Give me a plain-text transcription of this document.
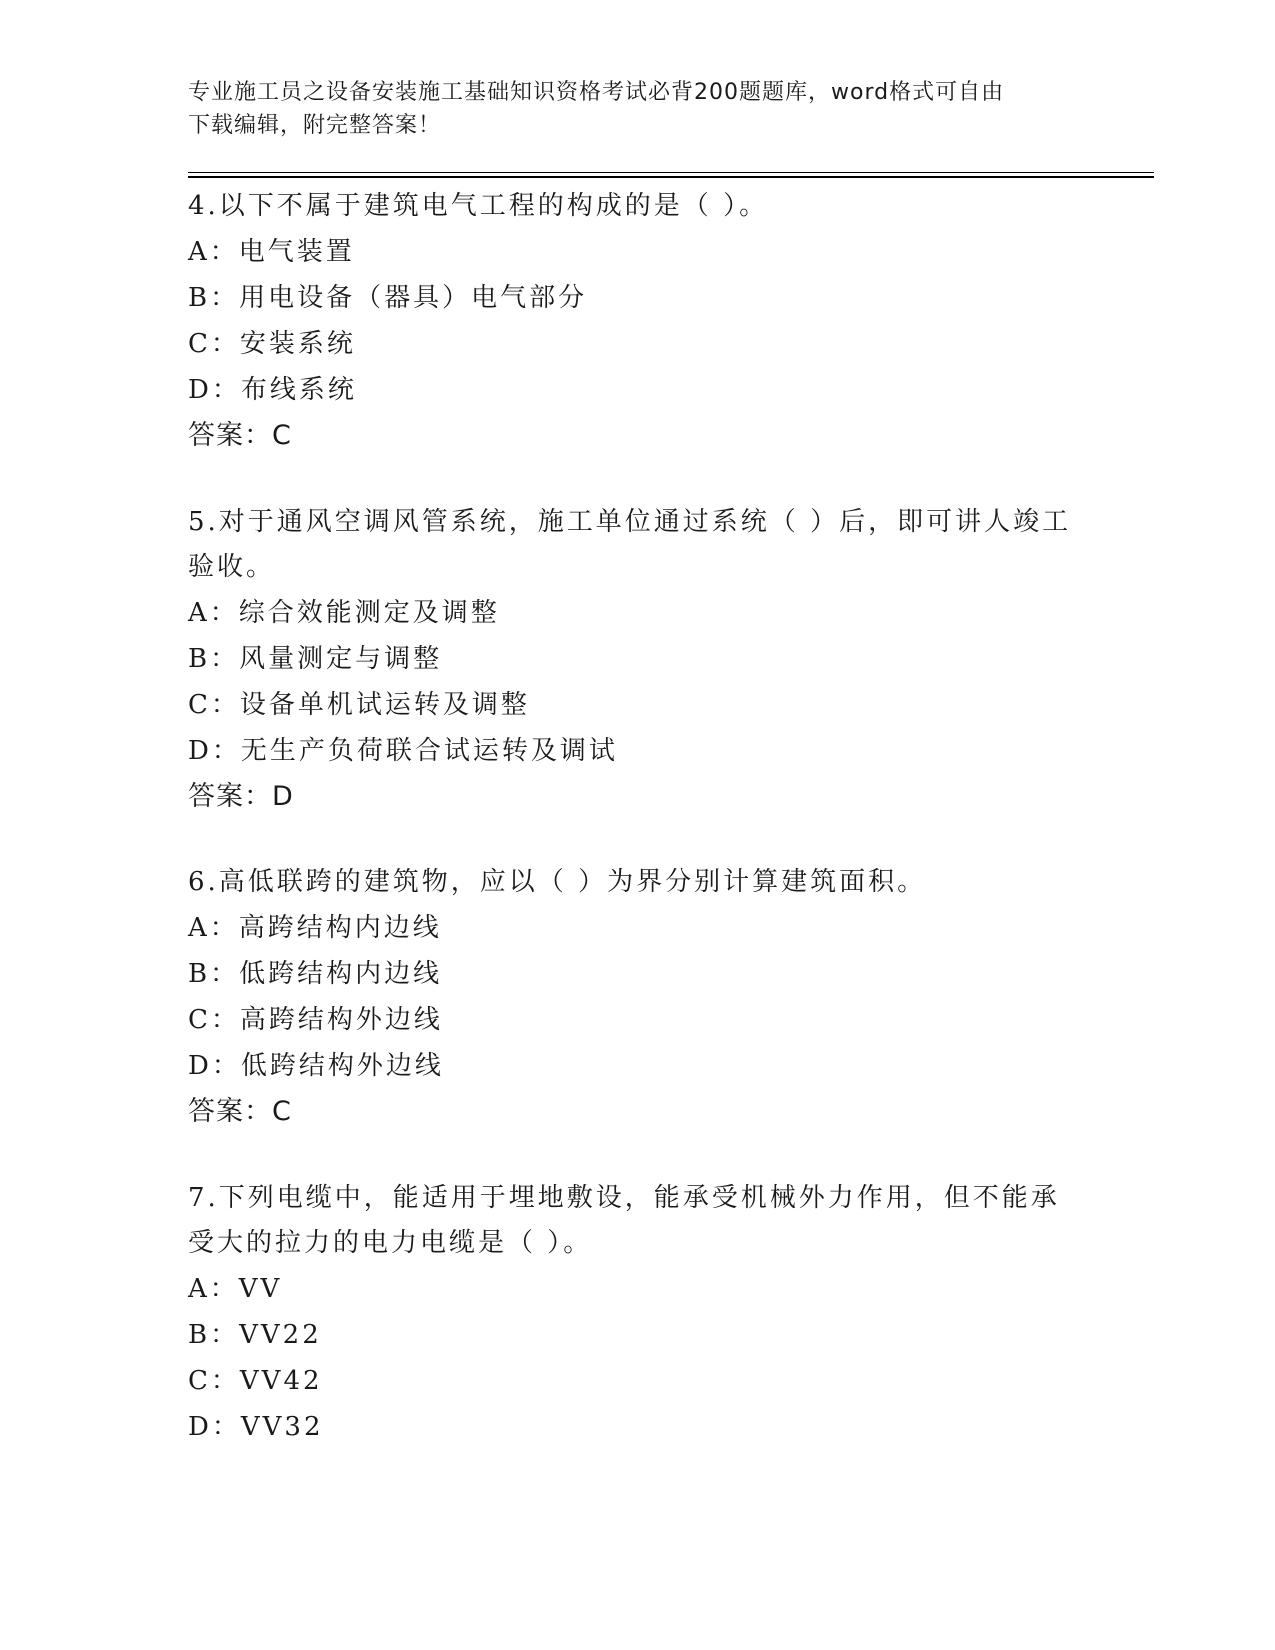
专业施工员之设备安装施工基础知识资格考试必背200题题库，word格式可自由
下载编辑，附完整答案！

4.以下不属于建筑电气工程的构成的是（ ）。

A：电气装置

B：用电设备（器具）电气部分

C：安装系统

D：布线系统

答案：C

5.对于通风空调风管系统，施工单位通过系统（ ）后，即可讲人竣工
验收。

A：综合效能测定及调整

B：风量测定与调整

C：设备单机试运转及调整

D：无生产负荷联合试运转及调试

答案：D

6.高低联跨的建筑物，应以（ ）为界分别计算建筑面积。

A：高跨结构内边线

B：低跨结构内边线

C：高跨结构外边线

D：低跨结构外边线

答案：C

7.下列电缆中，能适用于埋地敷设，能承受机械外力作用，但不能承
受大的拉力的电力电缆是（ ）。

A：VV

B：VV22

C：VV42

D：VV32
